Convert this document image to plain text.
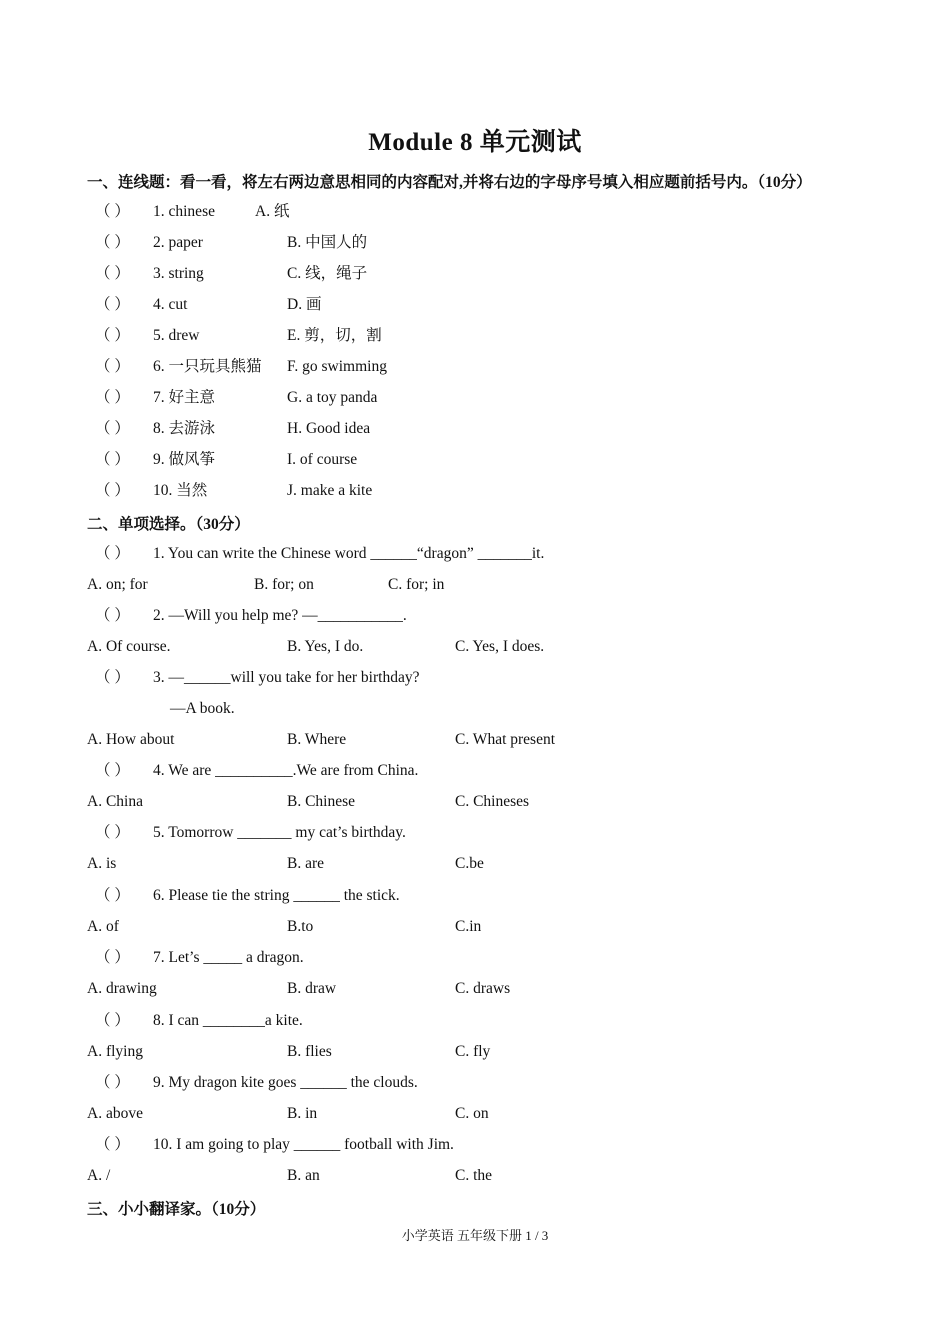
Module 8 单元测试
一、连线题：看一看，将左右两边意思相同的内容配对,并将右边的字母序号填入相应题前括号内。（10分）
（ ） 1. chinese	A. 纸
（ ） 2. paper	B. 中国人的
（ ） 3. string	C. 线，绳子
（ ） 4. cut	D. 画
（ ） 5. drew	E. 剪，切，割
（ ） 6. 一只玩具熊猫 F. go swimming
（ ） 7. 好主意	G. a toy panda
（ ） 8. 去游泳	H. Good idea
（ ） 9. 做风筝	I. of course
（ ） 10. 当然	J. make a kite
二、单项选择。（30分）
（ ） 1. You can write the Chinese word ______“dragon” _______it.
A. on; for	B. for; on	C. for; in
（ ） 2. —Will you help me? —___________.
A. Of course.	B. Yes, I do.	C. Yes, I does.
（ ） 3. —______will you take for her birthday?
—A book.
A. How about	B. Where	C. What present
（ ） 4. We are __________.We are from China.
A. China	B. Chinese	C. Chineses
（ ） 5. Tomorrow _______ my cat’s birthday.
A. is	B. are	C.be
（ ） 6. Please tie the string ______ the stick.
A. of	B.to	C.in
（ ） 7. Let’s _____ a dragon.
A. drawing	B. draw	C. draws
（ ） 8. I can ________a kite.
A. flying	B. flies	C. fly
（ ） 9. My dragon kite goes ______ the clouds.
A. above	B. in	C. on
（ ） 10. I am going to play ______ football with Jim.
A. /	B. an	C. the
三、小小翻译家。（10分）
小学英语 五年级下册 1 / 3
